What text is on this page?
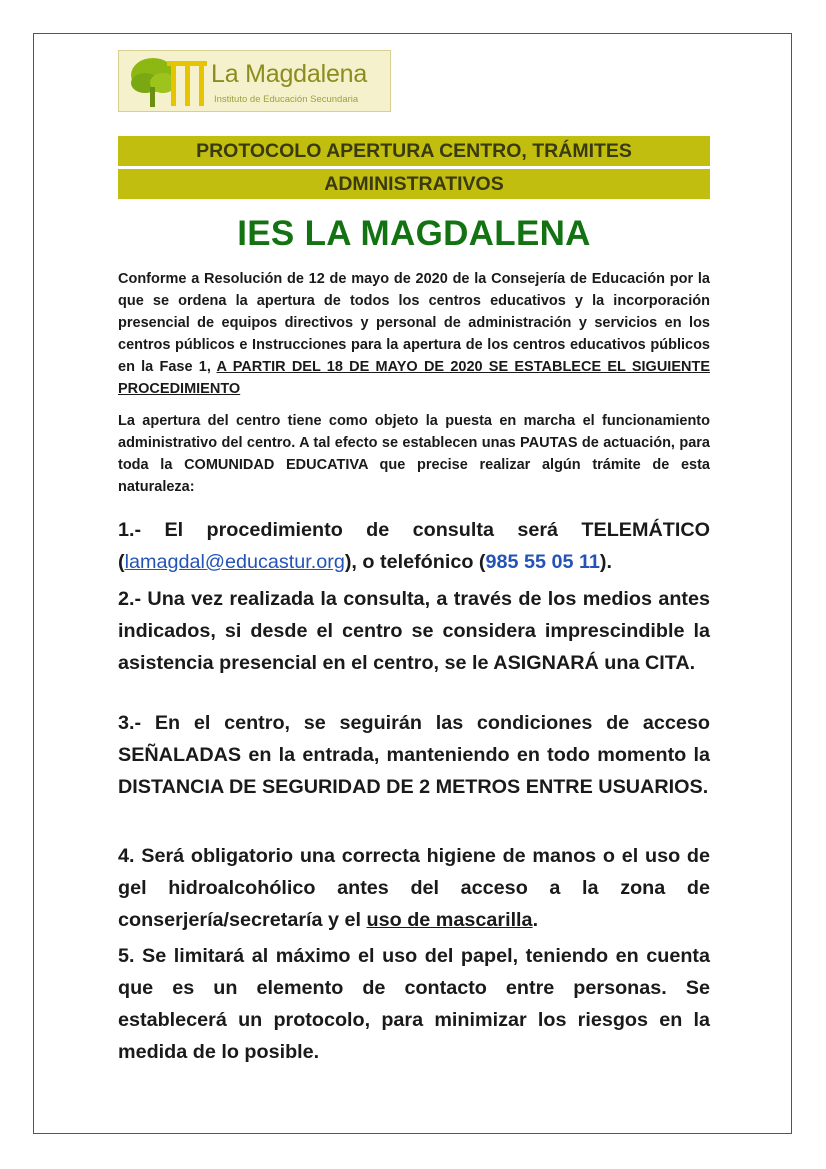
La Magdalena
Instituto de Educación Secundaria
PROTOCOLO APERTURA CENTRO, TRÁMITES
ADMINISTRATIVOS
IES LA MAGDALENA
Conforme a Resolución de 12 de mayo de 2020 de la Consejería de Educación por la que se ordena la apertura de todos los centros educativos y la incorporación presencial de equipos directivos y personal de administración y servicios en los centros públicos e Instrucciones para la apertura de los centros educativos públicos en la Fase 1, A PARTIR DEL 18 DE MAYO DE 2020 SE ESTABLECE EL SIGUIENTE PROCEDIMIENTO
La apertura del centro tiene como objeto la puesta en marcha el funcionamiento administrativo del centro. A tal efecto se establecen unas PAUTAS de actuación, para toda la COMUNIDAD EDUCATIVA que precise realizar algún trámite de esta naturaleza:
1.- El procedimiento de consulta será TELEMÁTICO (lamagdal@educastur.org), o telefónico (985 55 05 11).
2.- Una vez realizada la consulta, a través de los medios antes indicados, si desde el centro se considera imprescindible la asistencia presencial en el centro, se le ASIGNARÁ una CITA.
3.- En el centro, se seguirán las condiciones de acceso SEÑALADAS en la entrada, manteniendo en todo momento la DISTANCIA DE SEGURIDAD DE 2 METROS ENTRE USUARIOS.
4. Será obligatorio una correcta higiene de manos o el uso de gel hidroalcohólico antes del acceso a la zona de conserjería/secretaría y el uso de mascarilla.
5. Se limitará al máximo el uso del papel, teniendo en cuenta que es un elemento de contacto entre personas. Se establecerá un protocolo, para minimizar los riesgos en la medida de lo posible.
